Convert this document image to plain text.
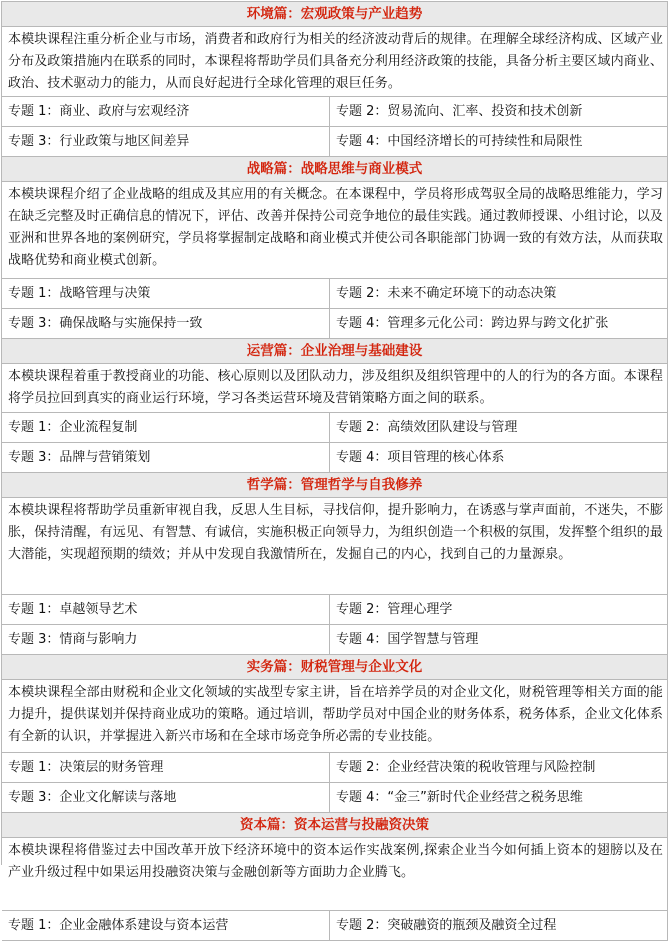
环境篇：宏观政策与产业趋势
本模块课程注重分析企业与市场，消费者和政府行为相关的经济波动背后的规律。在理解全球经济构成、区域产业分布及政策措施内在联系的同时，本课程将帮助学员们具备充分利用经济政策的技能，具备分析主要区域内商业、政治、技术驱动力的能力，从而良好起进行全球化管理的艰巨任务。
专题 1：商业、政府与宏观经济	专题 2：贸易流向、汇率、投资和技术创新
专题 3：行业政策与地区间差异	专题 4：中国经济增长的可持续性和局限性
战略篇：战略思维与商业模式
本模块课程介绍了企业战略的组成及其应用的有关概念。在本课程中，学员将形成驾驭全局的战略思维能力，学习在缺乏完整及时正确信息的情况下，评估、改善并保持公司竞争地位的最佳实践。通过教师授课、小组讨论，以及亚洲和世界各地的案例研究，学员将掌握制定战略和商业模式并使公司各职能部门协调一致的有效方法，从而获取战略优势和商业模式创新。
专题 1：战略管理与决策	专题 2：未来不确定环境下的动态决策
专题 3：确保战略与实施保持一致	专题 4：管理多元化公司：跨边界与跨文化扩张
运营篇：企业治理与基础建设
本模块课程着重于教授商业的功能、核心原则以及团队动力，涉及组织及组织管理中的人的行为的各方面。本课程将学员拉回到真实的商业运行环境，学习各类运营环境及营销策略方面之间的联系。
专题 1：企业流程复制	专题 2：高绩效团队建设与管理
专题 3：品牌与营销策划	专题 4：项目管理的核心体系
哲学篇：管理哲学与自我修养
本模块课程将帮助学员重新审视自我，反思人生目标，寻找信仰，提升影响力，在诱惑与掌声面前，不迷失，不膨胀，保持清醒，有远见、有智慧、有诚信，实施积极正向领导力，为组织创造一个积极的氛围，发挥整个组织的最大潜能，实现超预期的绩效；并从中发现自我激情所在，发掘自己的内心，找到自己的力量源泉。
专题 1：卓越领导艺术	专题 2：管理心理学
专题 3：情商与影响力	专题 4：国学智慧与管理
实务篇：财税管理与企业文化
本模块课程全部由财税和企业文化领域的实战型专家主讲，旨在培养学员的对企业文化，财税管理等相关方面的能力提升，提供谋划并保持商业成功的策略。通过培训，帮助学员对中国企业的财务体系，税务体系，企业文化体系有全新的认识，并掌握进入新兴市场和在全球市场竞争所必需的专业技能。
专题 1：决策层的财务管理	专题 2：企业经营决策的税收管理与风险控制
专题 3：企业文化解读与落地	专题 4：“金三”新时代企业经营之税务思维
资本篇：资本运营与投融资决策
本模块课程将借鉴过去中国改革开放下经济环境中的资本运作实战案例,探索企业当今如何插上资本的翅膀以及在产业升级过程中如果运用投融资决策与金融创新等方面助力企业腾飞。
专题 1：企业金融体系建设与资本运营	专题 2：突破融资的瓶颈及融资全过程
